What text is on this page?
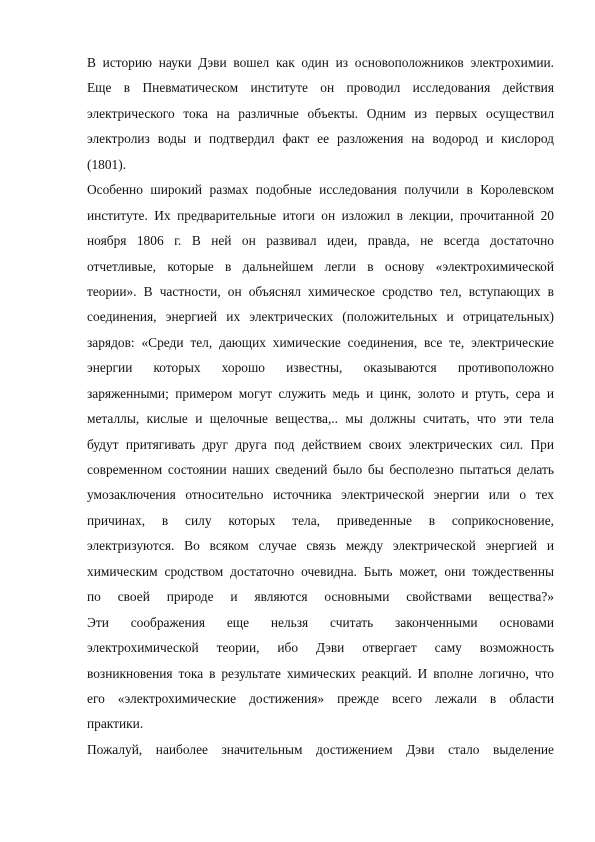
В историю науки Дэви вошел как один из основоположников электрохимии.
Еще в Пневматическом институте он проводил исследования действия
электрического тока на различные объекты. Одним из первых осуществил
электролиз воды и подтвердил факт ее разложения на водород и кислород
(1801).
Особенно широкий размах подобные исследования получили в Королевском
институте. Их предварительные итоги он изложил в лекции, прочитанной 20
ноября 1806 г. В ней он развивал идеи, правда, не всегда достаточно
отчетливые, которые в дальнейшем легли в основу «электрохимической
теории». В частности, он объяснял химическое сродство тел, вступающих в
соединения, энергией их электрических (положительных и отрицательных)
зарядов: «Среди тел, дающих химические соединения, все те, электрические
энергии которых хорошо известны, оказываются противоположно
заряженными; примером могут служить медь и цинк, золото и ртуть, сера и
металлы, кислые и щелочные вещества,.. мы должны считать, что эти тела
будут притягивать друг друга под действием своих электрических сил. При
современном состоянии наших сведений было бы бесполезно пытаться делать
умозаключения относительно источника электрической энергии или о тех
причинах, в силу которых тела, приведенные в соприкосновение,
электризуются. Во всяком случае связь между электрической энергией и
химическим сродством достаточно очевидна. Быть может, они тождественны
по своей природе и являются основными свойствами вещества?»
Эти соображения еще нельзя считать законченными основами
электрохимической теории, ибо Дэви отвергает саму возможность
возникновения тока в результате химических реакций. И вполне логично, что
его «электрохимические достижения» прежде всего лежали в области
практики.
Пожалуй, наиболее значительным достижением Дэви стало выделение
